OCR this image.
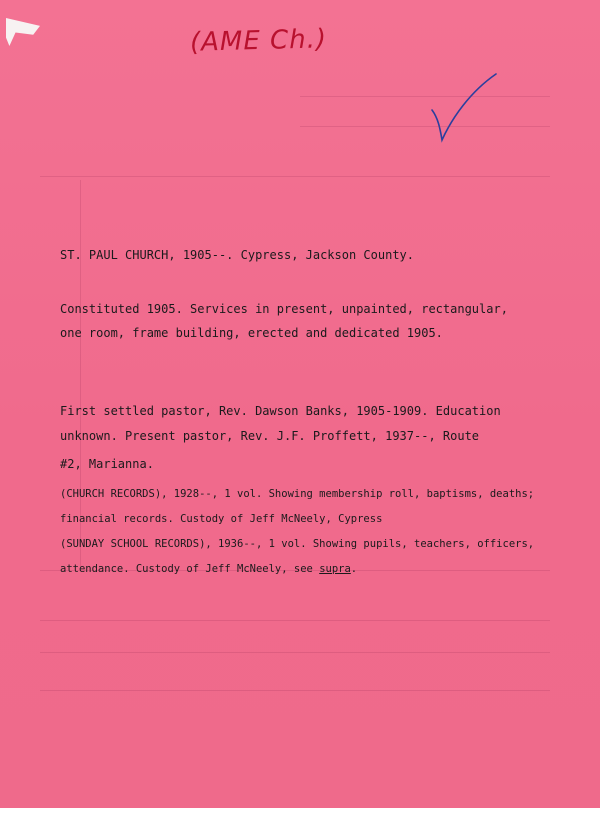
(AME Ch.)
ST. PAUL CHURCH, 1905--. Cypress, Jackson County.
Constituted 1905. Services in present, unpainted, rectangular,
one room, frame building, erected and dedicated 1905.
First settled pastor, Rev. Dawson Banks, 1905-1909. Education
unknown. Present pastor, Rev. J.F. Proffett, 1937--, Route
#2, Marianna.
(CHURCH RECORDS), 1928--, 1 vol. Showing membership roll, baptisms, deaths;
financial records. Custody of Jeff McNeely, Cypress
(SUNDAY SCHOOL RECORDS), 1936--, 1 vol. Showing pupils, teachers, officers,
attendance. Custody of Jeff McNeely, see supra.
